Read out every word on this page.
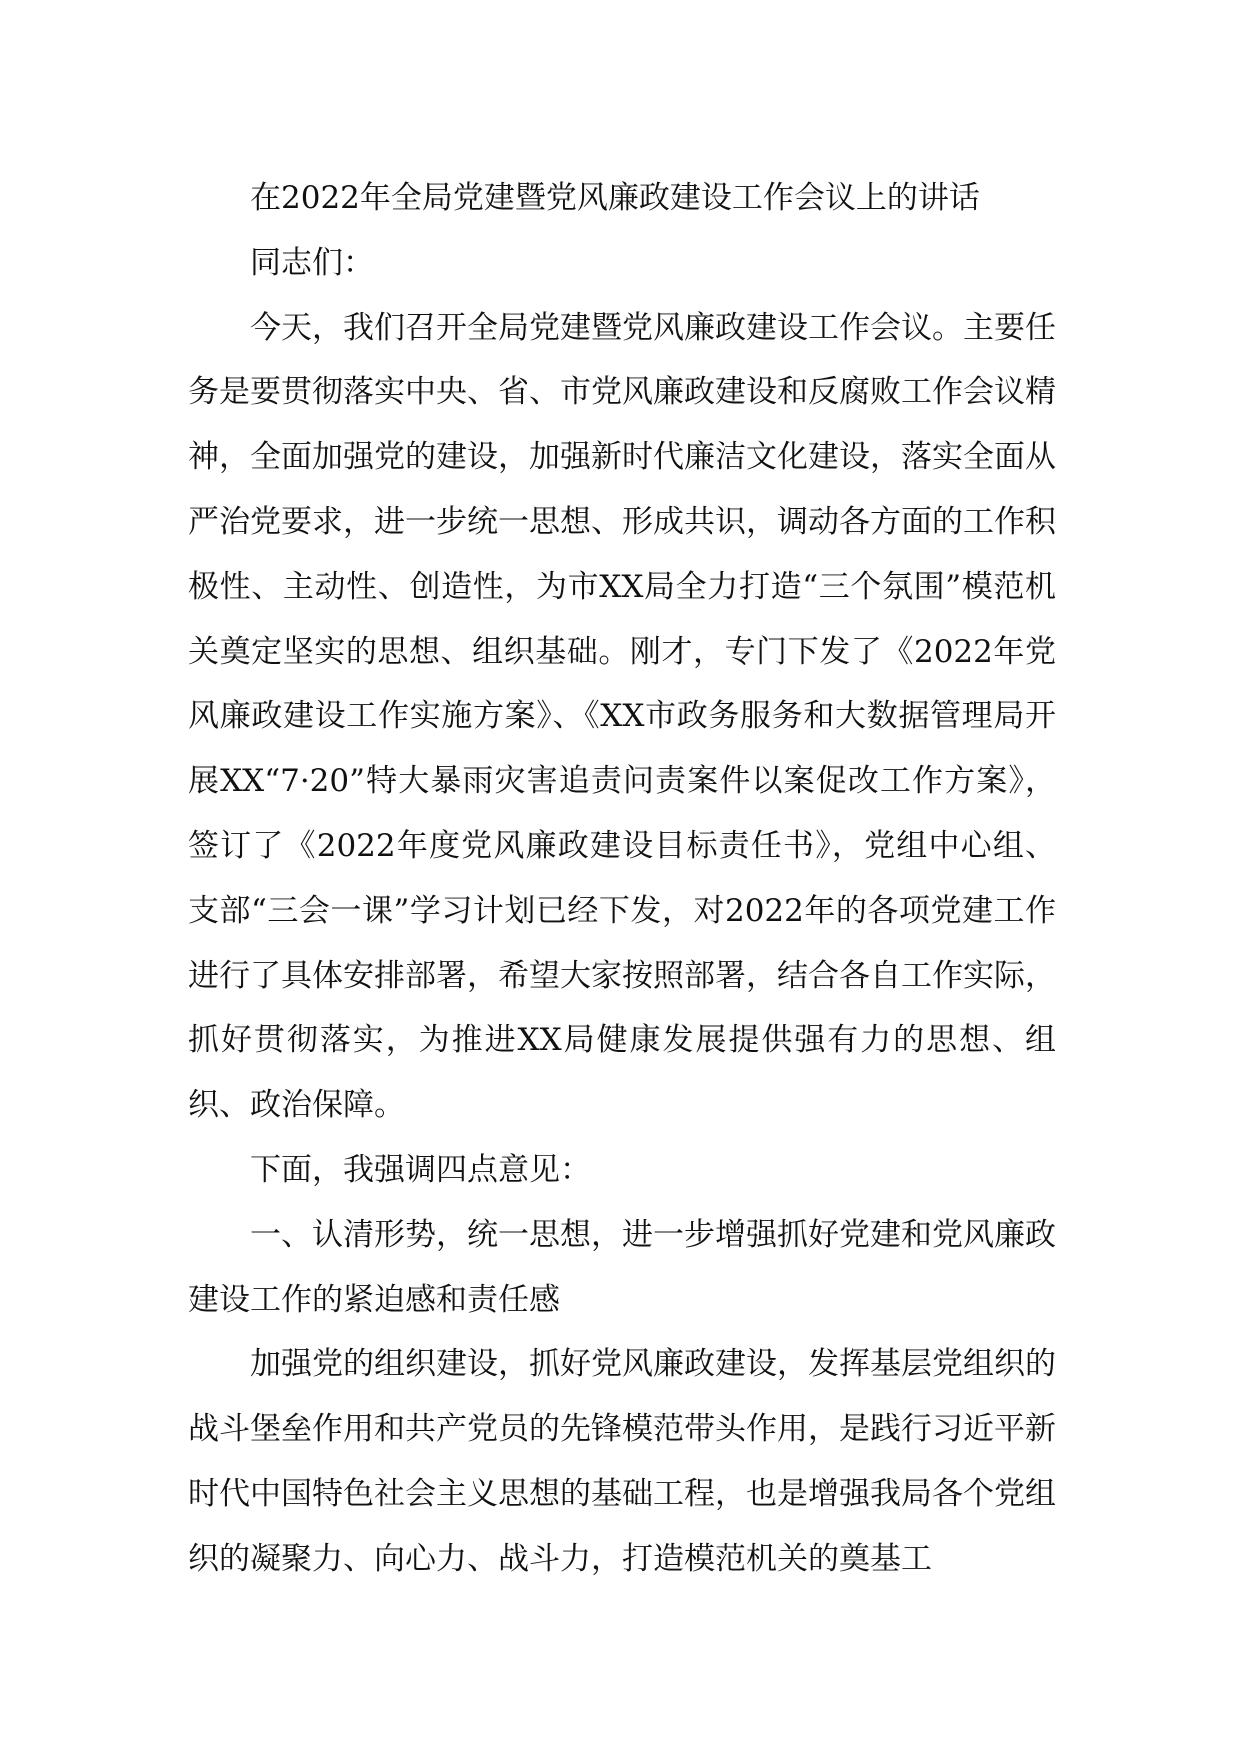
在2022年全局党建暨党风廉政建设工作会议上的讲话

同志们：

今天，我们召开全局党建暨党风廉政建设工作会议。主要任务是要贯彻落实中央、省、市党风廉政建设和反腐败工作会议精神，全面加强党的建设，加强新时代廉洁文化建设，落实全面从严治党要求，进一步统一思想、形成共识，调动各方面的工作积极性、主动性、创造性，为市XX局全力打造“三个氛围”模范机关奠定坚实的思想、组织基础。刚才，专门下发了《2022年党风廉政建设工作实施方案》、《XX市政务服务和大数据管理局开展XX“7·20”特大暴雨灾害追责问责案件以案促改工作方案》，签订了《2022年度党风廉政建设目标责任书》，党组中心组、支部“三会一课”学习计划已经下发，对2022年的各项党建工作进行了具体安排部署，希望大家按照部署，结合各自工作实际，抓好贯彻落实，为推进XX局健康发展提供强有力的思想、组织、政治保障。

下面，我强调四点意见：

一、认清形势，统一思想，进一步增强抓好党建和党风廉政建设工作的紧迫感和责任感

加强党的组织建设，抓好党风廉政建设，发挥基层党组织的战斗堡垒作用和共产党员的先锋模范带头作用，是践行习近平新时代中国特色社会主义思想的基础工程，也是增强我局各个党组织的凝聚力、向心力、战斗力，打造模范机关的奠基工
